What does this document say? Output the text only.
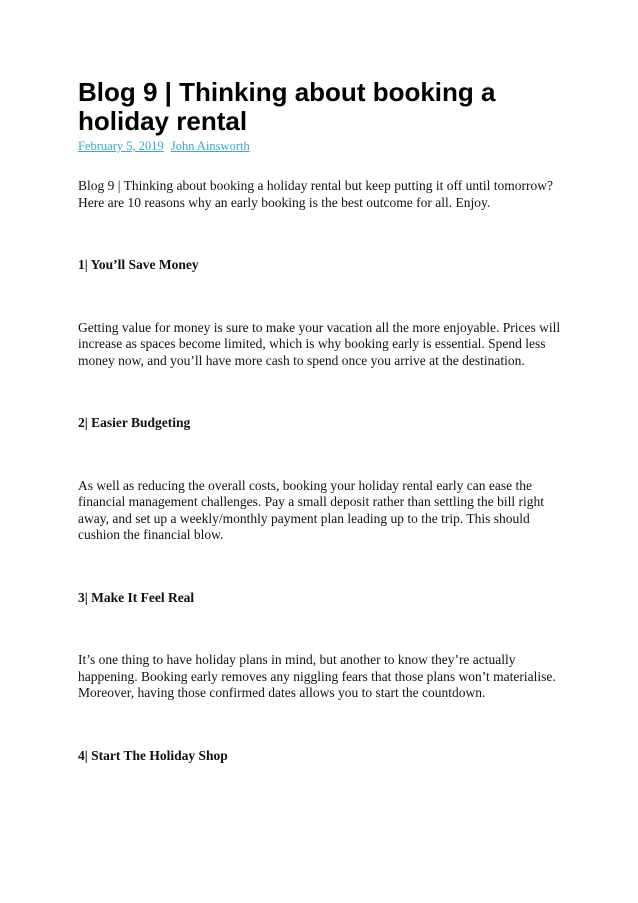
Blog 9 | Thinking about booking a holiday rental
February 5, 2019 John Ainsworth

Blog 9 | Thinking about booking a holiday rental but keep putting it off until tomorrow? Here are 10 reasons why an early booking is the best outcome for all. Enjoy.

1| You’ll Save Money

Getting value for money is sure to make your vacation all the more enjoyable. Prices will increase as spaces become limited, which is why booking early is essential. Spend less money now, and you’ll have more cash to spend once you arrive at the destination.

2| Easier Budgeting

As well as reducing the overall costs, booking your holiday rental early can ease the financial management challenges. Pay a small deposit rather than settling the bill right away, and set up a weekly/monthly payment plan leading up to the trip. This should cushion the financial blow.

3| Make It Feel Real

It’s one thing to have holiday plans in mind, but another to know they’re actually happening. Booking early removes any niggling fears that those plans won’t materialise. Moreover, having those confirmed dates allows you to start the countdown.

4| Start The Holiday Shop
